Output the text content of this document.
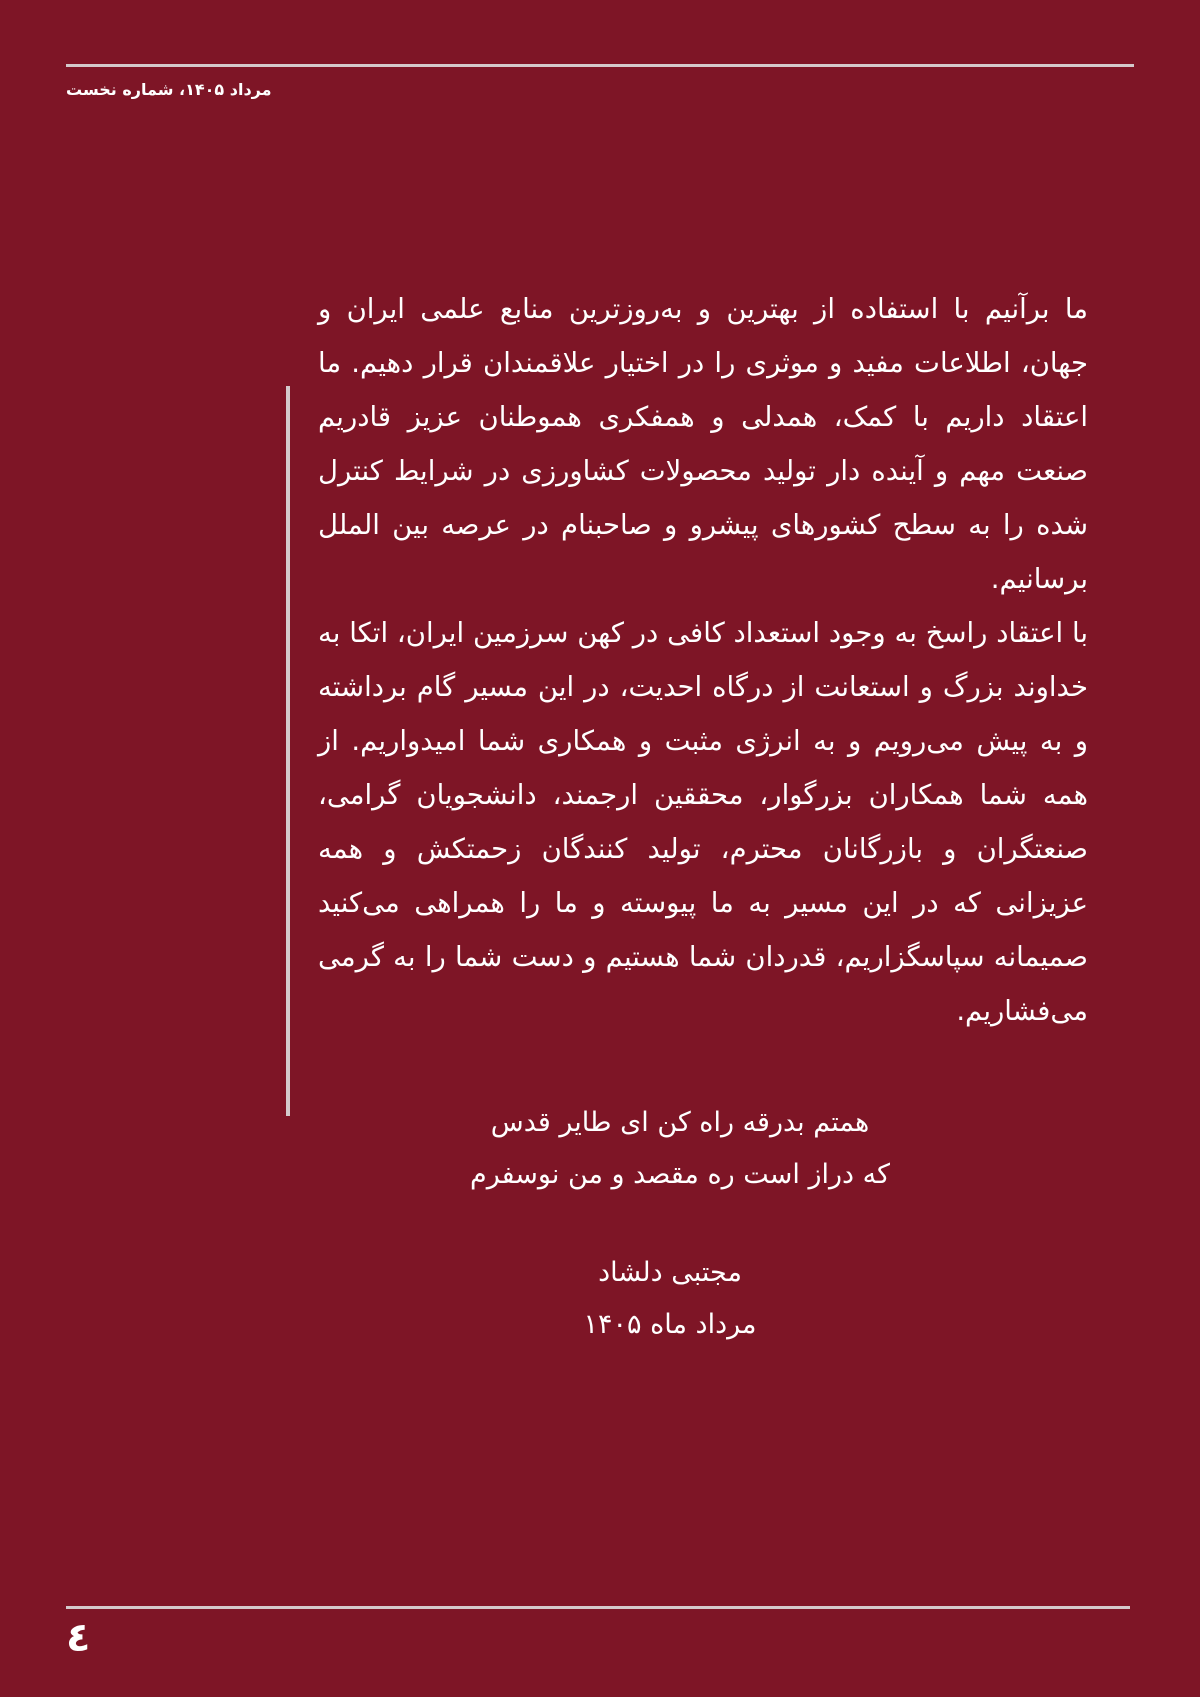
مرداد ۱۴۰۵، شماره نخست

ما برآنیم با استفاده از بهترین و به‌روزترین منابع علمی ایران و جهان، اطلاعات مفید و موثری را در اختیار علاقمندان قرار دهیم. ما اعتقاد داریم با کمک، همدلی و همفکری هموطنان عزیز قادریم صنعت مهم و آینده دار تولید محصولات کشاورزی در شرایط کنترل شده را به سطح کشورهای پیشرو و صاحبنام در عرصه بین الملل برسانیم.

با اعتقاد راسخ به وجود استعداد کافی در کهن سرزمین ایران، اتکا به خداوند بزرگ و استعانت از درگاه احدیت، در این مسیر گام برداشته و به پیش می‌رویم و به انرژی مثبت و همکاری شما امیدواریم. از همه شما همکاران بزرگوار، محققین ارجمند، دانشجویان گرامی، صنعتگران و بازرگانان محترم، تولید کنندگان زحمتکش و همه عزیزانی که در این مسیر به ما پیوسته و ما را همراهی می‌کنید صمیمانه سپاسگزاریم، قدردان شما هستیم و دست شما را به گرمی می‌فشاریم.

همتم بدرقه راه کن ای طایر قدس
که دراز است ره مقصد و من نوسفرم
مجتبی دلشاد
مرداد ماه ۱۴۰۵
٤
